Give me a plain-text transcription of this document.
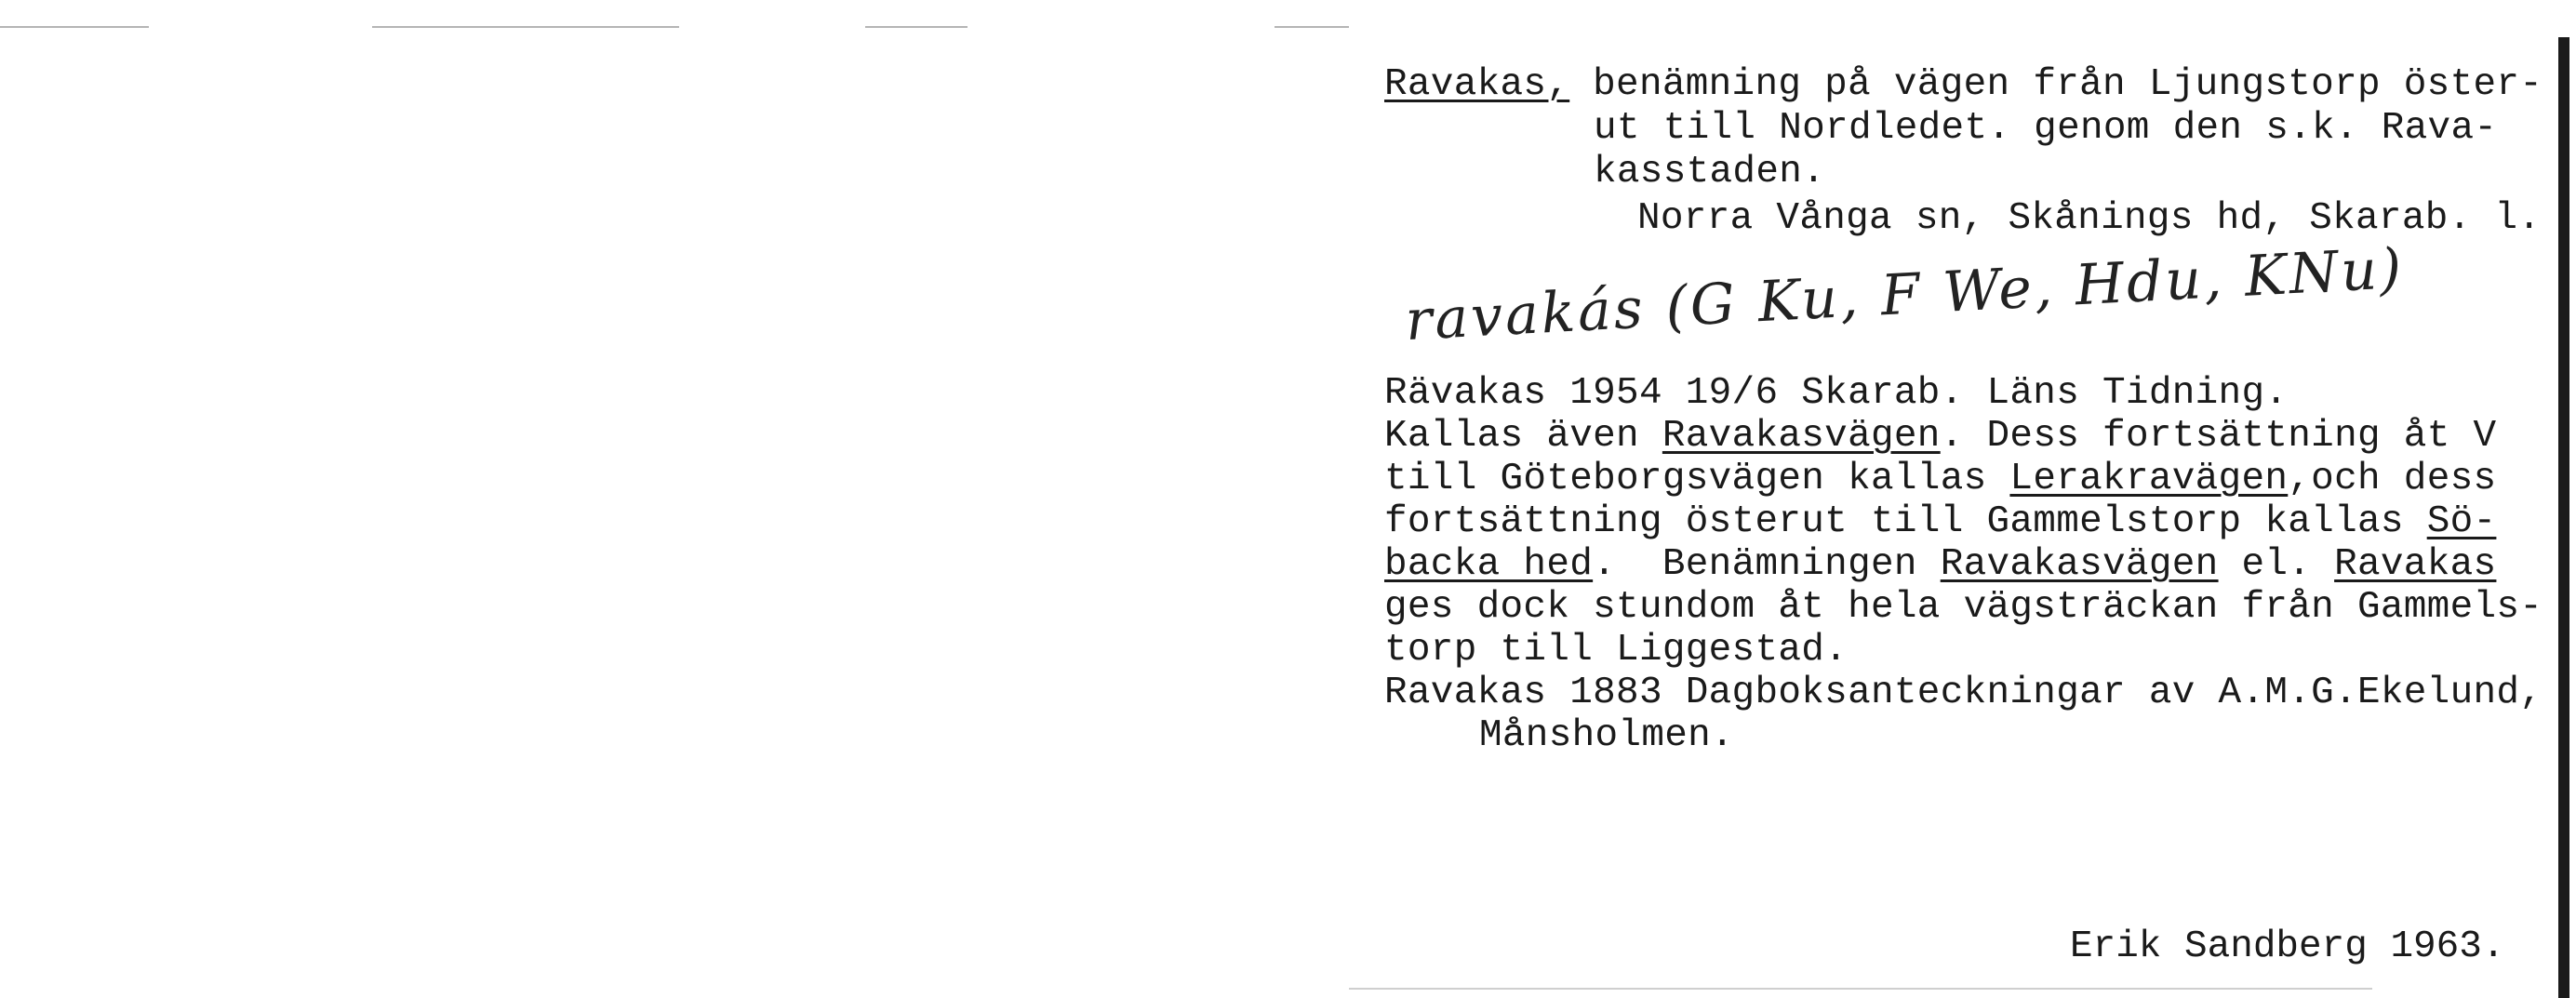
Ravakas, benämning på vägen från Ljungstorp öster-
ut till Nordledet. genom den s.k. Rava-
kasstaden.
Norra Vånga sn, Skånings hd, Skarab. l.
ravakás (G Ku, F We, Hdu, KNu)
Rävakas 1954 19/6 Skarab. Läns Tidning.
Kallas även Ravakasvägen. Dess fortsättning åt V
till Göteborgsvägen kallas Lerakravägen,och dess
fortsättning österut till Gammelstorp kallas Sö-
backa hed.  Benämningen Ravakasvägen el. Ravakas
ges dock stundom åt hela vägsträckan från Gammels-
torp till Liggestad.
Ravakas 1883 Dagboksanteckningar av A.M.G.Ekelund,
Månsholmen.
Erik Sandberg 1963.
